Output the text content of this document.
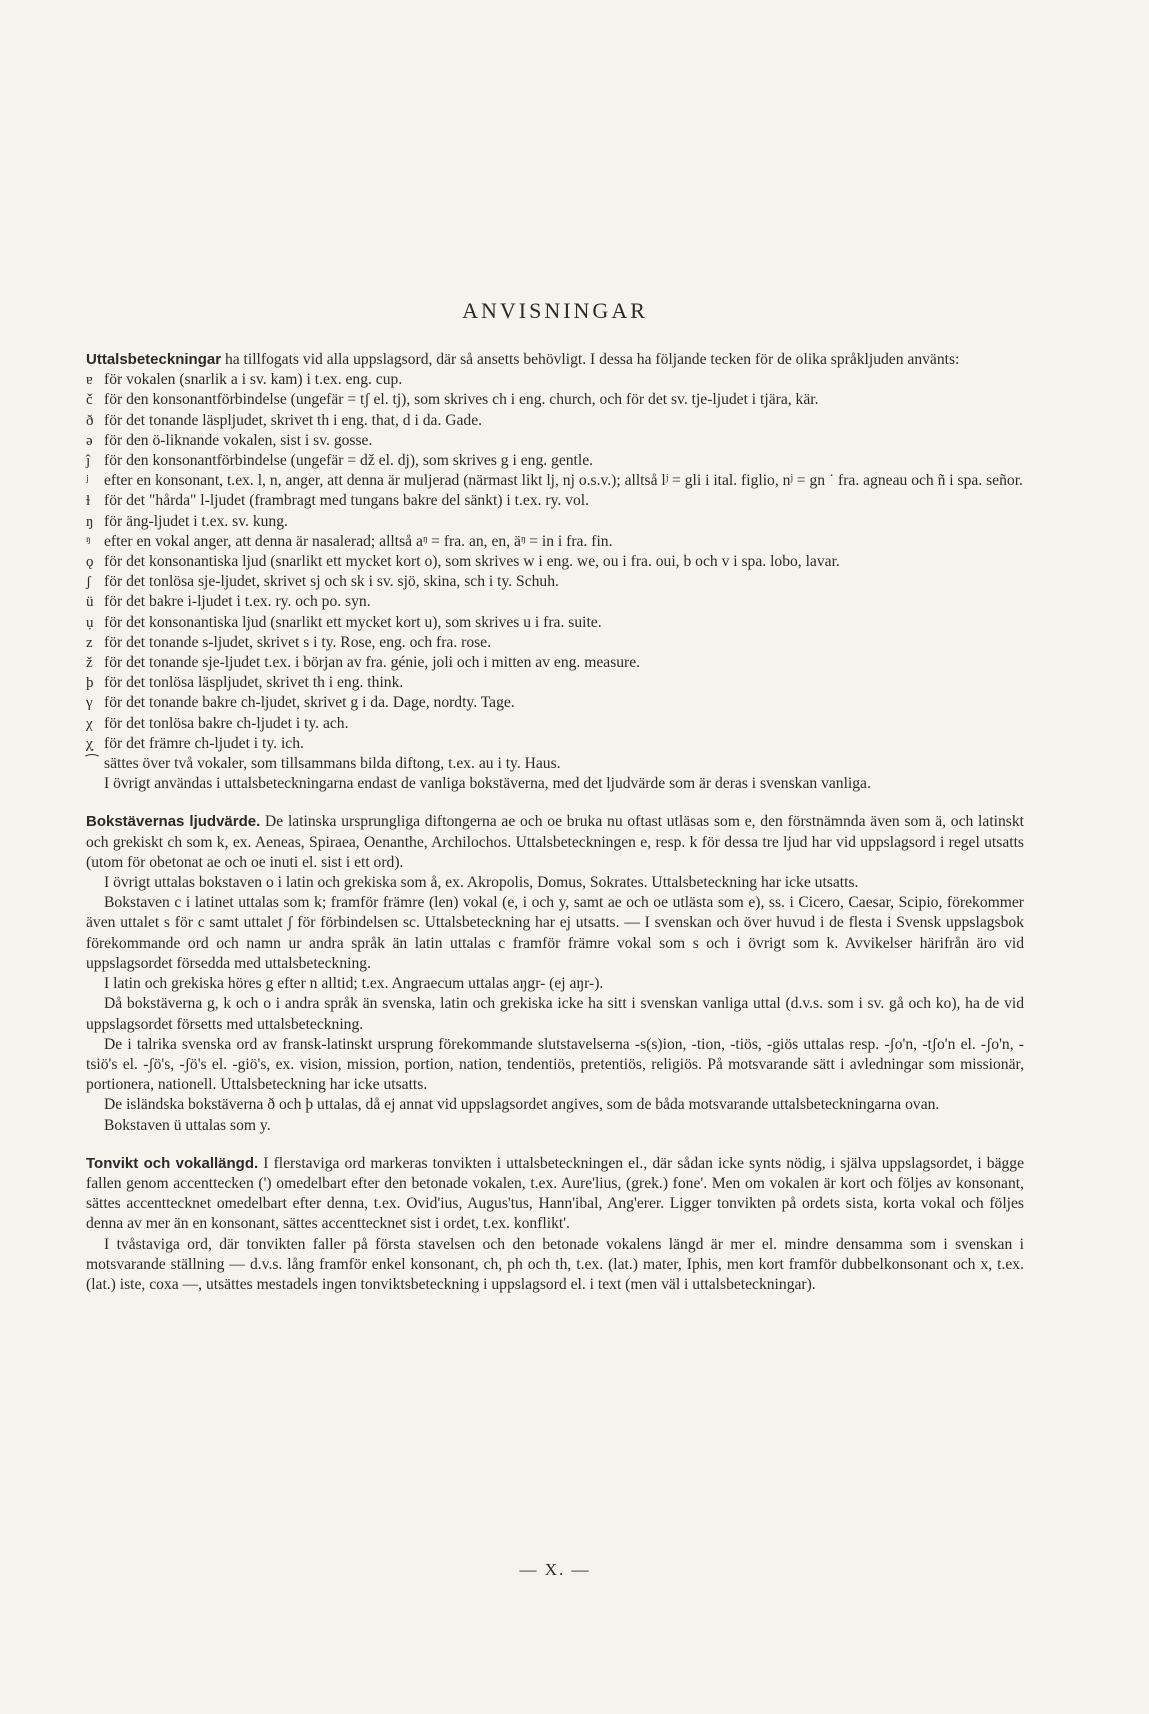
ANVISNINGAR

Uttalsbeteckningar ha tillfogats vid alla uppslagsord, där så ansetts behövligt. I dessa ha följande tecken för de olika språkljuden använts:

ɐ för vokalen (snarlik a i sv. kam) i t.ex. eng. cup.
č för den konsonantförbindelse (ungefär = tʃ el. tj), som skrives ch i eng. church, och för det sv. tje-ljudet i tjära, kär.
ð för det tonande läspljudet, skrivet th i eng. that, d i da. Gade.
ə för den ö-liknande vokalen, sist i sv. gosse.
ĵ för den konsonantförbindelse (ungefär = dž el. dj), som skrives g i eng. gentle.
ʲ	efter en konsonant, t.ex. l, n, anger, att denna är muljerad (närmast likt lj, nj o.s.v.); alltså lʲ = gli i ital. figlio, nʲ = gn ˙ fra. agneau och ñ i spa. señor.
ɫ för det "hårda" l-ljudet (frambragt med tungans bakre del sänkt) i t.ex. ry. vol.
ŋ för äng-ljudet i t.ex. sv. kung.
ᵑ efter en vokal anger, att denna är nasalerad; alltså aᵑ = fra. an, en, äᵑ = in i fra. fin.
ǫ för det konsonantiska ljud (snarlikt ett mycket kort o), som skrives w i eng. we, ou i fra. oui, b och v i spa. lobo, lavar.
ʃ för det tonlösa sje-ljudet, skrivet sj och sk i sv. sjö, skina, sch i ty. Schuh.
ü för det bakre i-ljudet i t.ex. ry. och po. syn.
ụ för det konsonantiska ljud (snarlikt ett mycket kort u), som skrives u i fra. suite.
z för det tonande s-ljudet, skrivet s i ty. Rose, eng. och fra. rose.
ž för det tonande sje-ljudet t.ex. i början av fra. génie, joli och i mitten av eng. measure.
þ för det tonlösa läspljudet, skrivet th i eng. think.
γ för det tonande bakre ch-ljudet, skrivet g i da. Dage, nordty. Tage.
χ för det tonlösa bakre ch-ljudet i ty. ach.
χ̣ för det främre ch-ljudet i ty. ich.
⁀ sättes över två vokaler, som tillsammans bilda diftong, t.ex. au i ty. Haus.

I övrigt användas i uttalsbeteckningarna endast de vanliga bokstäverna, med det ljudvärde som är deras i svenskan vanliga.

Bokstävernas ljudvärde. De latinska ursprungliga diftongerna ae och oe bruka nu oftast utläsas som e, den förstnämnda även som ä, och latinskt och grekiskt ch som k, ex. Aeneas, Spiraea, Oenanthe, Archilochos. Uttalsbeteckningen e, resp. k för dessa tre ljud har vid uppslagsord i regel utsatts (utom för obetonat ae och oe inuti el. sist i ett ord).

I övrigt uttalas bokstaven o i latin och grekiska som å, ex. Akropolis, Domus, Sokrates. Uttalsbeteckning har icke utsatts.

Bokstaven c i latinet uttalas som k; framför främre (len) vokal (e, i och y, samt ae och oe utlästa som e), ss. i Cicero, Caesar, Scipio, förekommer även uttalet s för c samt uttalet ʃ för förbindelsen sc. Uttalsbeteckning har ej utsatts. — I svenskan och över huvud i de flesta i Svensk uppslagsbok förekommande ord och namn ur andra språk än latin uttalas c framför främre vokal som s och i övrigt som k. Avvikelser härifrån äro vid uppslagsordet försedda med uttalsbeteckning.

I latin och grekiska höres g efter n alltid; t.ex. Angraecum uttalas aŋgr- (ej aŋr-).

Då bokstäverna g, k och o i andra språk än svenska, latin och grekiska icke ha sitt i svenskan vanliga uttal (d.v.s. som i sv. gå och ko), ha de vid uppslagsordet försetts med uttalsbeteckning.

De i talrika svenska ord av fransk-latinskt ursprung förekommande slutstavelserna -s(s)ion, -tion, -tiös, -giös uttalas resp. -ʃo'n, -tʃo'n el. -ʃo'n, -tsiö's el. -ʃö's, -ʃö's el. -giö's, ex. vision, mission, portion, nation, tendentiös, pretentiös, religiös. På motsvarande sätt i avledningar som missionär, portionera, nationell. Uttalsbeteckning har icke utsatts.

De isländska bokstäverna ð och þ uttalas, då ej annat vid uppslagsordet angives, som de båda motsvarande uttalsbeteckningarna ovan.

Bokstaven ü uttalas som y.

Tonvikt och vokallängd. I flerstaviga ord markeras tonvikten i uttalsbeteckningen el., där sådan icke synts nödig, i själva uppslagsordet, i bägge fallen genom accenttecken (') omedelbart efter den betonade vokalen, t.ex. Aure'lius, (grek.) fone'. Men om vokalen är kort och följes av konsonant, sättes accenttecknet omedelbart efter denna, t.ex. Ovid'ius, Augus'tus, Hann'ibal, Ang'erer. Ligger tonvikten på ordets sista, korta vokal och följes denna av mer än en konsonant, sättes accenttecknet sist i ordet, t.ex. konflikt'.

I tvåstaviga ord, där tonvikten faller på första stavelsen och den betonade vokalens längd är mer el. mindre densamma som i svenskan i motsvarande ställning — d.v.s. lång framför enkel konsonant, ch, ph och th, t.ex. (lat.) mater, Iphis, men kort framför dubbelkonsonant och x, t.ex. (lat.) iste, coxa —, utsättes mestadels ingen tonviktsbeteckning i uppslagsord el. i text (men väl i uttalsbeteckningar).

— X. —
